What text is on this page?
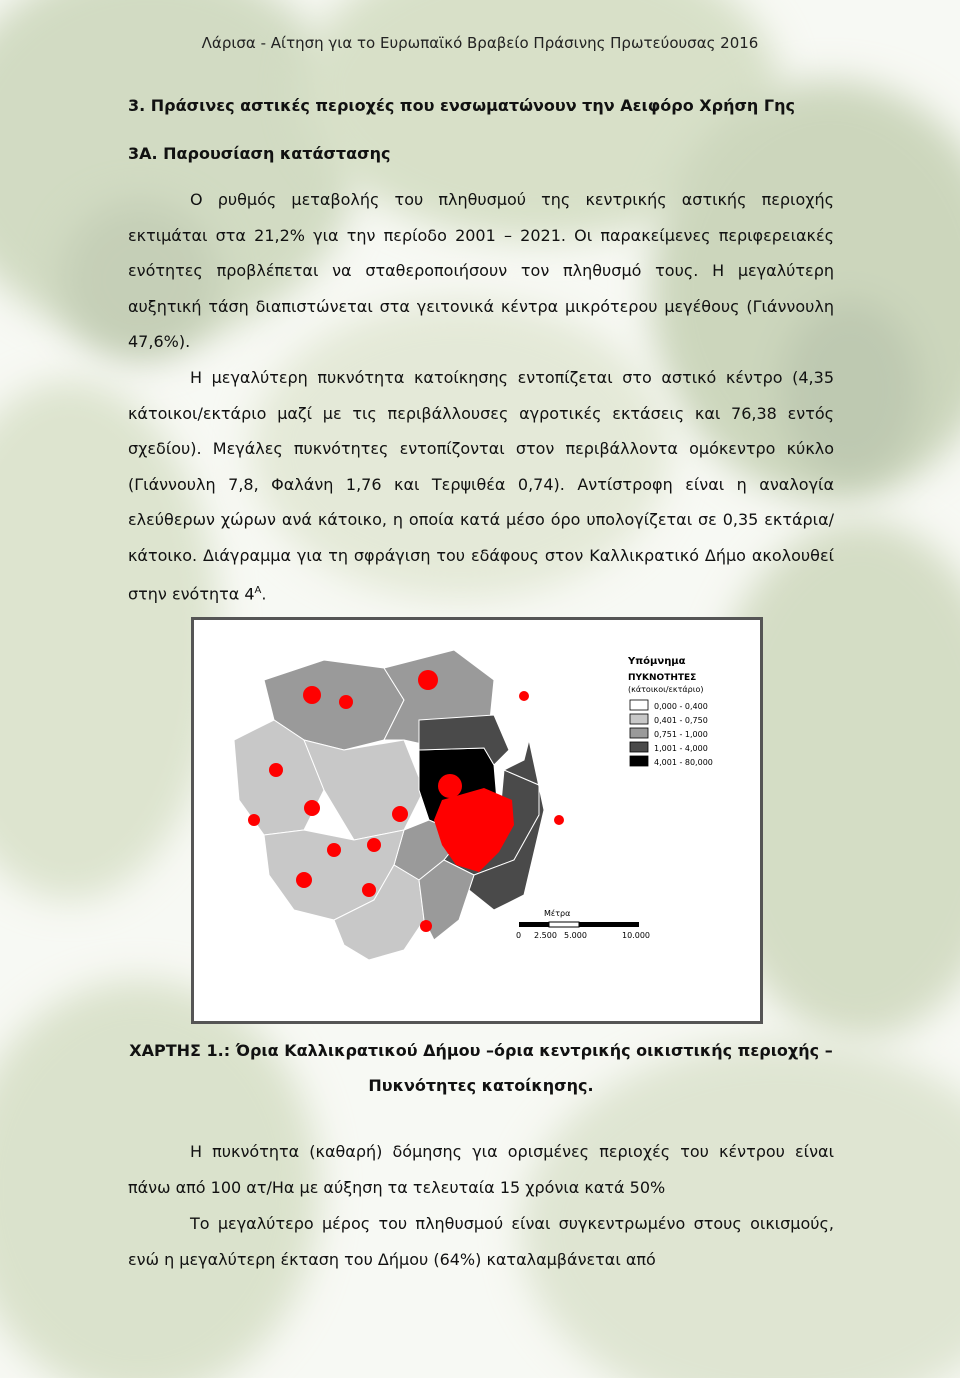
Λάρισα - Αίτηση για το Ευρωπαϊκό Βραβείο Πράσινης Πρωτεύουσας 2016
3. Πράσινες αστικές περιοχές που ενσωματώνουν την Αειφόρο Χρήση Γης
3Α. Παρουσίαση κατάστασης

Ο ρυθμός μεταβολής του πληθυσμού της κεντρικής αστικής περιοχής εκτιμάται στα 21,2% για την περίοδο 2001 – 2021. Οι παρακείμενες περιφερειακές ενότητες προβλέπεται να σταθεροποιήσουν τον πληθυσμό τους. Η μεγαλύτερη αυξητική τάση διαπιστώνεται στα γειτονικά κέντρα μικρότερου μεγέθους (Γιάννουλη 47,6%).

Η μεγαλύτερη πυκνότητα κατοίκησης εντοπίζεται στο αστικό κέντρο (4,35 κάτοικοι/εκτάριο μαζί με τις περιβάλλουσες αγροτικές εκτάσεις και 76,38 εντός σχεδίου). Μεγάλες πυκνότητες εντοπίζονται στον περιβάλλοντα ομόκεντρο κύκλο (Γιάννουλη 7,8, Φαλάνη 1,76 και Τερψιθέα 0,74). Αντίστροφη είναι η αναλογία ελεύθερων χώρων ανά κάτοικο, η οποία κατά μέσο όρο υπολογίζεται σε 0,35 εκτάρια/κάτοικο. Διάγραμμα για τη σφράγιση του εδάφους στον Καλλικρατικό Δήμο ακολουθεί στην ενότητα $4^A$.

Υπόμνημα
ΠΥΚΝΟΤΗΤΕΣ
(κάτοικοι/εκτάριο)
0,000 - 0,400
0,401 - 0,750
0,751 - 1,000
1,001 - 4,000
4,001 - 80,000
Μέτρα
0 2.500 5.000	10.000
ΧΑΡΤΗΣ 1.: Όρια Καλλικρατικού Δήμου –όρια κεντρικής οικιστικής περιοχής –Πυκνότητες κατοίκησης.

Η πυκνότητα (καθαρή) δόμησης για ορισμένες περιοχές του κέντρου είναι πάνω από 100 ατ/Ηα με αύξηση τα τελευταία 15 χρόνια κατά 50%

Το μεγαλύτερο μέρος του πληθυσμού είναι συγκεντρωμένο στους οικισμούς, ενώ η μεγαλύτερη έκταση του Δήμου (64%) καταλαμβάνεται από
